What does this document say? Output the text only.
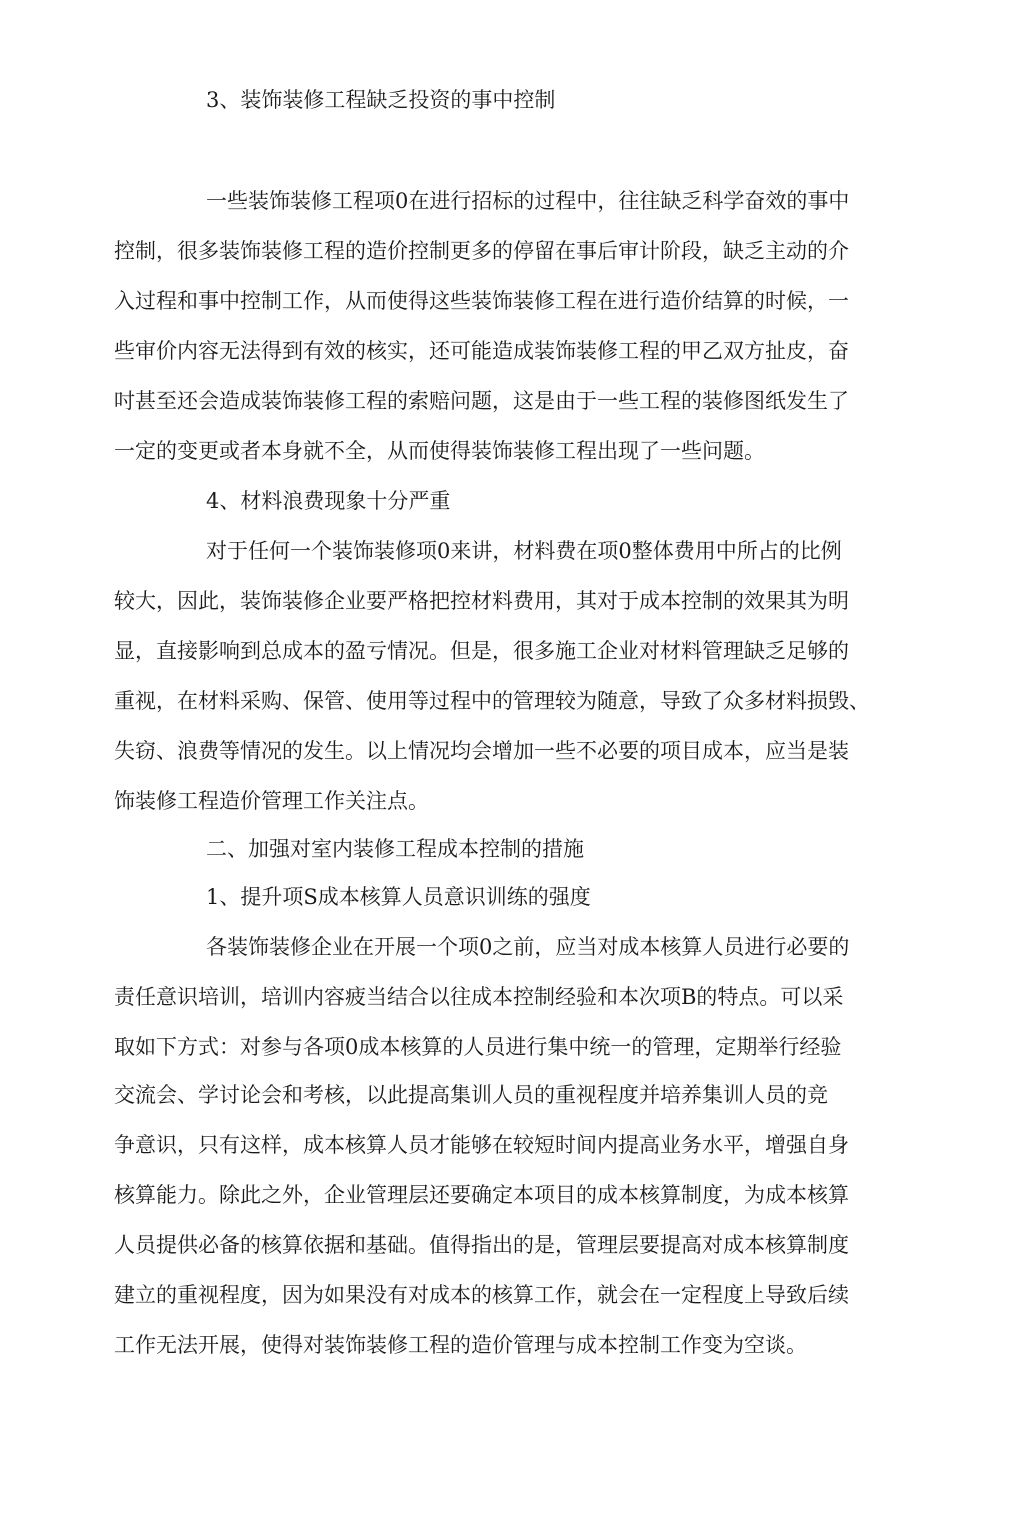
3、装饰装修工程缺乏投资的事中控制
一些装饰装修工程项0在进行招标的过程中，往往缺乏科学奋效的事中
控制，很多装饰装修工程的造价控制更多的停留在事后审计阶段，缺乏主动的介
入过程和事中控制工作，从而使得这些装饰装修工程在进行造价结算的时候，一
些审价内容无法得到有效的核实，还可能造成装饰装修工程的甲乙双方扯皮，奋
吋甚至还会造成装饰装修工程的索赔问题，这是由于一些工程的装修图纸发生了
一定的变更或者本身就不全，从而使得装饰装修工程出现了一些问题。
4、材料浪费现象十分严重
对于任何一个装饰装修项0来讲，材料费在项0整体费用中所占的比例
较大，因此，装饰装修企业要严格把控材料费用，其对于成本控制的效果其为明
显，直接影响到总成本的盈亏情况。但是，很多施工企业对材料管理缺乏足够的
重视，在材料采购、保管、使用等过程中的管理较为随意，导致了众多材料损毁、
失窃、浪费等情况的发生。以上情况均会增加一些不必要的项目成本，应当是装
饰装修工程造价管理工作关注点。
二、加强对室内装修工程成本控制的措施
1、提升项S成本核算人员意识训练的强度
各装饰装修企业在开展一个项0之前，应当对成本核算人员进行必要的
责任意识培训，培训内容疲当结合以往成本控制经验和本次项B的特点。可以采
取如下方式：对参与各项0成本核算的人员进行集中统一的管理，定期举行经验
交流会、学讨论会和考核，以此提高集训人员的重视程度并培养集训人员的竞
争意识，只有这样，成本核算人员才能够在较短时间内提高业务水平，增强自身
核算能力。除此之外，企业管理层还要确定本项目的成本核算制度，为成本核算
人员提供必备的核算依据和基础。值得指出的是，管理层要提高对成本核算制度
建立的重视程度，因为如果没有对成本的核算工作，就会在一定程度上导致后续
工作无法开展，使得对装饰装修工程的造价管理与成本控制工作变为空谈。
